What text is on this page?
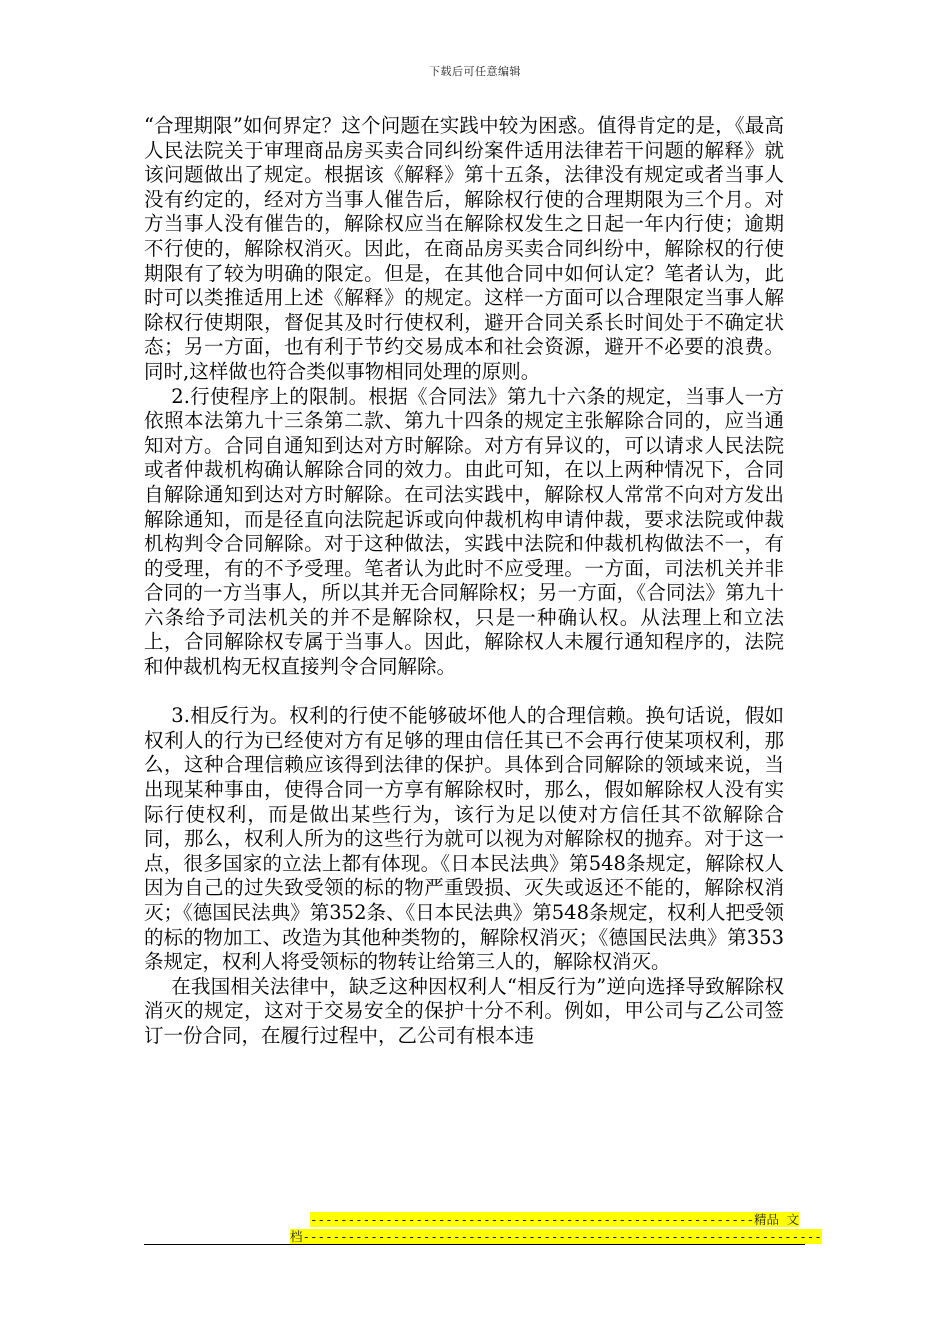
下载后可任意编辑

“合理期限”如何界定？这个问题在实践中较为困惑。值得肯定的是，《最高人民法院关于审理商品房买卖合同纠纷案件适用法律若干问题的解释》就该问题做出了规定。根据该《解释》第十五条，法律没有规定或者当事人没有约定的，经对方当事人催告后，解除权行使的合理期限为三个月。对方当事人没有催告的，解除权应当在解除权发生之日起一年内行使；逾期不行使的，解除权消灭。因此，在商品房买卖合同纠纷中，解除权的行使期限有了较为明确的限定。但是，在其他合同中如何认定？笔者认为，此时可以类推适用上述《解释》的规定。这样一方面可以合理限定当事人解除权行使期限，督促其及时行使权利，避开合同关系长时间处于不确定状态；另一方面，也有利于节约交易成本和社会资源，避开不必要的浪费。同时,这样做也符合类似事物相同处理的原则。

2.行使程序上的限制。根据《合同法》第九十六条的规定，当事人一方依照本法第九十三条第二款、第九十四条的规定主张解除合同的，应当通知对方。合同自通知到达对方时解除。对方有异议的，可以请求人民法院或者仲裁机构确认解除合同的效力。由此可知，在以上两种情况下，合同自解除通知到达对方时解除。在司法实践中，解除权人常常不向对方发出解除通知，而是径直向法院起诉或向仲裁机构申请仲裁，要求法院或仲裁机构判令合同解除。对于这种做法，实践中法院和仲裁机构做法不一，有的受理，有的不予受理。笔者认为此时不应受理。一方面，司法机关并非合同的一方当事人，所以其并无合同解除权；另一方面，《合同法》第九十六条给予司法机关的并不是解除权，只是一种确认权。从法理上和立法上，合同解除权专属于当事人。因此，解除权人未履行通知程序的，法院和仲裁机构无权直接判令合同解除。

3.相反行为。权利的行使不能够破坏他人的合理信赖。换句话说，假如权利人的行为已经使对方有足够的理由信任其已不会再行使某项权利，那么，这种合理信赖应该得到法律的保护。具体到合同解除的领域来说，当出现某种事由，使得合同一方享有解除权时，那么，假如解除权人没有实际行使权利，而是做出某些行为，该行为足以使对方信任其不欲解除合同，那么，权利人所为的这些行为就可以视为对解除权的抛弃。对于这一点，很多国家的立法上都有体现。《日本民法典》第548条规定，解除权人因为自己的过失致受领的标的物严重毁损、灭失或返还不能的，解除权消灭；《德国民法典》第352条、《日本民法典》第548条规定，权利人把受领的标的物加工、改造为其他种类物的，解除权消灭；《德国民法典》第353条规定，权利人将受领标的物转让给第三人的，解除权消灭。

在我国相关法律中，缺乏这种因权利人“相反行为”逆向选择导致解除权消灭的规定，这对于交易安全的保护十分不利。例如，甲公司与乙公司签订一份合同，在履行过程中，乙公司有根本违

-----------------------------------------------------------精品 文
档---------------------------------------------------------------------
